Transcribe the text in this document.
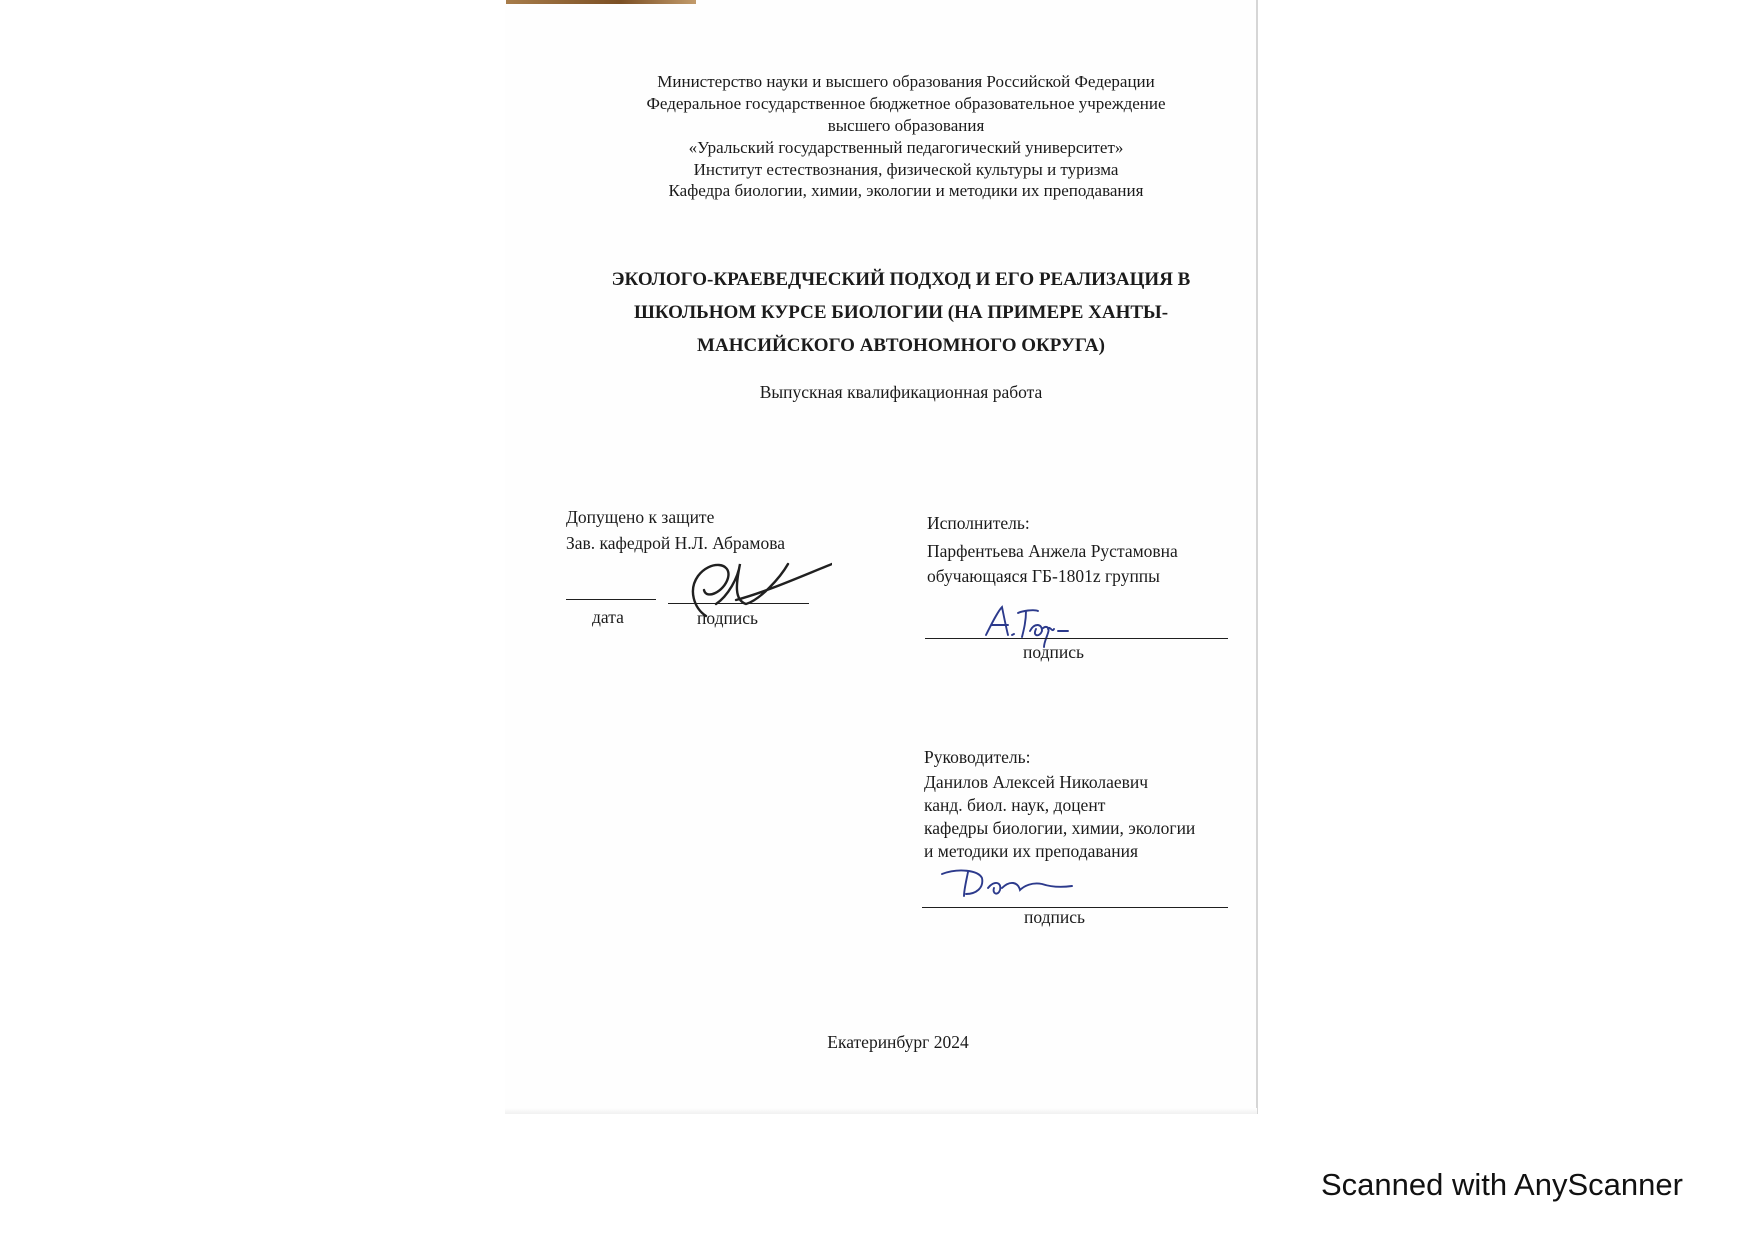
Министерство науки и высшего образования Российской Федерации
Федеральное государственное бюджетное образовательное учреждение
высшего образования
«Уральский государственный педагогический университет»
Институт естествознания, физической культуры и туризма
Кафедра биологии, химии, экологии и методики их преподавания
ЭКОЛОГО-КРАЕВЕДЧЕСКИЙ ПОДХОД И ЕГО РЕАЛИЗАЦИЯ В
ШКОЛЬНОМ КУРСЕ БИОЛОГИИ (НА ПРИМЕРЕ ХАНТЫ-
МАНСИЙСКОГО АВТОНОМНОГО ОКРУГА)
Выпускная квалификационная работа
Допущено к защите
Зав. кафедрой Н.Л. Абрамова
дата	подпись
Исполнитель:
Парфентьева Анжела Рустамовна
обучающаяся ГБ-1801z группы
подпись
Руководитель:
Данилов Алексей Николаевич
канд. биол. наук, доцент
кафедры биологии, химии, экологии
и методики их преподавания
подпись
Екатеринбург 2024
Scanned with AnyScanner
